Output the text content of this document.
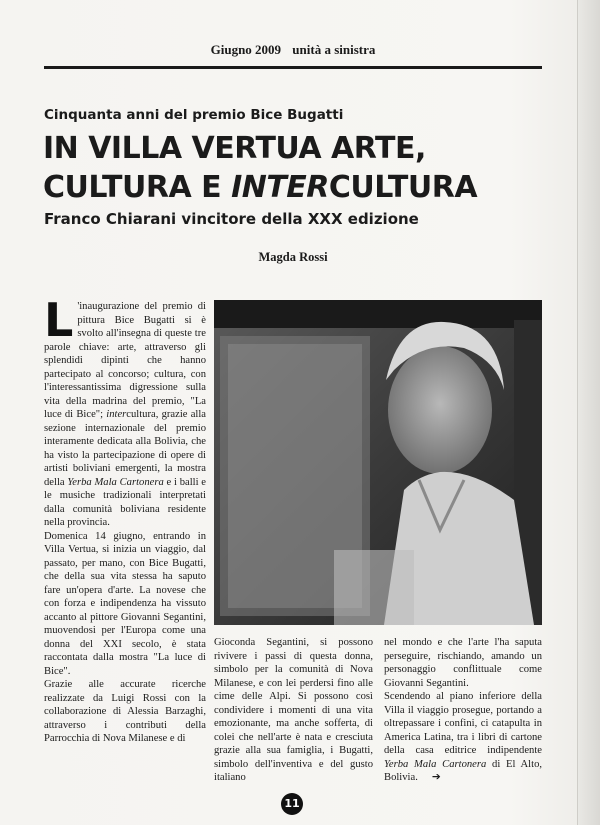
Giugno 2009 unità a sinistra
Cinquanta anni del premio Bice Bugatti
IN VILLA VERTUA ARTE,
CULTURA E INTERCULTURA
Franco Chiarani vincitore della XXX edizione
Magda Rossi

L 'inaugurazione del premio di pittura Bice Bugatti si è svolto all'insegna di queste tre parole chiave: arte, attraverso gli splendidi dipinti che hanno partecipato al concorso; cultura, con l'interessantissima digressione sulla vita della madrina del premio, "La luce di Bice"; intercultura, grazie alla sezione internazionale del premio interamente dedicata alla Bolivia, che ha visto la partecipazione di opere di artisti boliviani emergenti, la mostra della Yerba Mala Cartonera e i balli e le musiche tradizionali interpretati dalla comunità boliviana residente nella provincia.

Domenica 14 giugno, entrando in Villa Vertua, si inizia un viaggio, dal passato, per mano, con Bice Bugatti, che della sua vita stessa ha saputo fare un'opera d'arte. La novese che con forza e indipendenza ha vissuto accanto al pittore Giovanni Segantini, muovendosi per l'Europa come una donna del XXI secolo, è stata raccontata dalla mostra "La luce di Bice".

Grazie alle accurate ricerche realizzate da Luigi Rossi con la collaborazione di Alessia Barzaghi, attraverso i contributi della Parrocchia di Nova Milanese e di

Gioconda Segantini, si possono rivivere i passi di questa donna, simbolo per la comunità di Nova Milanese, e con lei perdersi fino alle cime delle Alpi. Si possono così condividere i momenti di una vita emozionante, ma anche sofferta, di colei che nell'arte è nata e cresciuta grazie alla sua famiglia, i Bugatti, simbolo dell'inventiva e del gusto italiano

nel mondo e che l'arte l'ha saputa perseguire, rischiando, amando un personaggio conflittuale come Giovanni Segantini.

Scendendo al piano inferiore della Villa il viaggio prosegue, portando a oltrepassare i confini, ci catapulta in America Latina, tra i libri di cartone della casa editrice indipendente Yerba Mala Cartonera di El Alto, Bolivia. ➔

11
